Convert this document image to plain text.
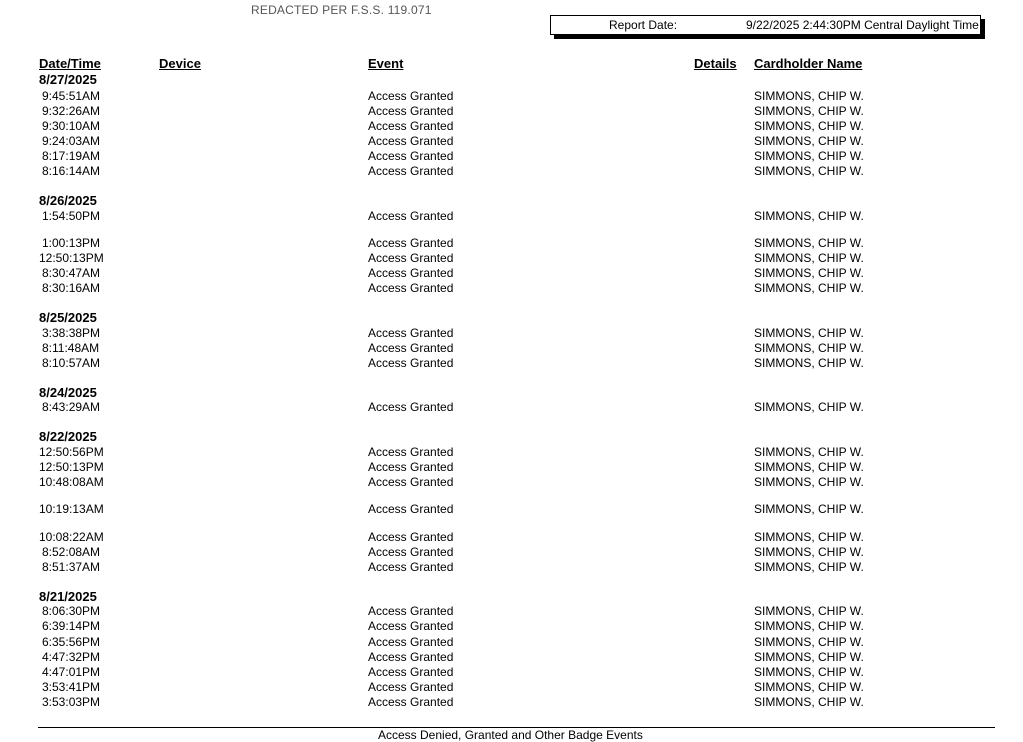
REDACTED PER F.S.S. 119.071
Report Date:	9/22/2025 2:44:30PM Central Daylight Time
Date/Time	Device	Event	Details Cardholder Name
8/27/2025
9:45:51AM	Access Granted	SIMMONS, CHIP W.
9:32:26AM	Access Granted	SIMMONS, CHIP W.
9:30:10AM	Access Granted	SIMMONS, CHIP W.
9:24:03AM	Access Granted	SIMMONS, CHIP W.
8:17:19AM	Access Granted	SIMMONS, CHIP W.
8:16:14AM	Access Granted	SIMMONS, CHIP W.
8/26/2025
1:54:50PM	Access Granted	SIMMONS, CHIP W.
1:00:13PM	Access Granted	SIMMONS, CHIP W.
12:50:13PM	Access Granted	SIMMONS, CHIP W.
8:30:47AM	Access Granted	SIMMONS, CHIP W.
8:30:16AM	Access Granted	SIMMONS, CHIP W.
8/25/2025
3:38:38PM	Access Granted	SIMMONS, CHIP W.
8:11:48AM	Access Granted	SIMMONS, CHIP W.
8:10:57AM	Access Granted	SIMMONS, CHIP W.
8/24/2025
8:43:29AM	Access Granted	SIMMONS, CHIP W.
8/22/2025
12:50:56PM	Access Granted	SIMMONS, CHIP W.
12:50:13PM	Access Granted	SIMMONS, CHIP W.
10:48:08AM	Access Granted	SIMMONS, CHIP W.
10:19:13AM	Access Granted	SIMMONS, CHIP W.
10:08:22AM	Access Granted	SIMMONS, CHIP W.
8:52:08AM	Access Granted	SIMMONS, CHIP W.
8:51:37AM	Access Granted	SIMMONS, CHIP W.
8/21/2025
8:06:30PM	Access Granted	SIMMONS, CHIP W.
6:39:14PM	Access Granted	SIMMONS, CHIP W.
6:35:56PM	Access Granted	SIMMONS, CHIP W.
4:47:32PM	Access Granted	SIMMONS, CHIP W.
4:47:01PM	Access Granted	SIMMONS, CHIP W.
3:53:41PM	Access Granted	SIMMONS, CHIP W.
3:53:03PM	Access Granted	SIMMONS, CHIP W.
Access Denied, Granted and Other Badge Events
